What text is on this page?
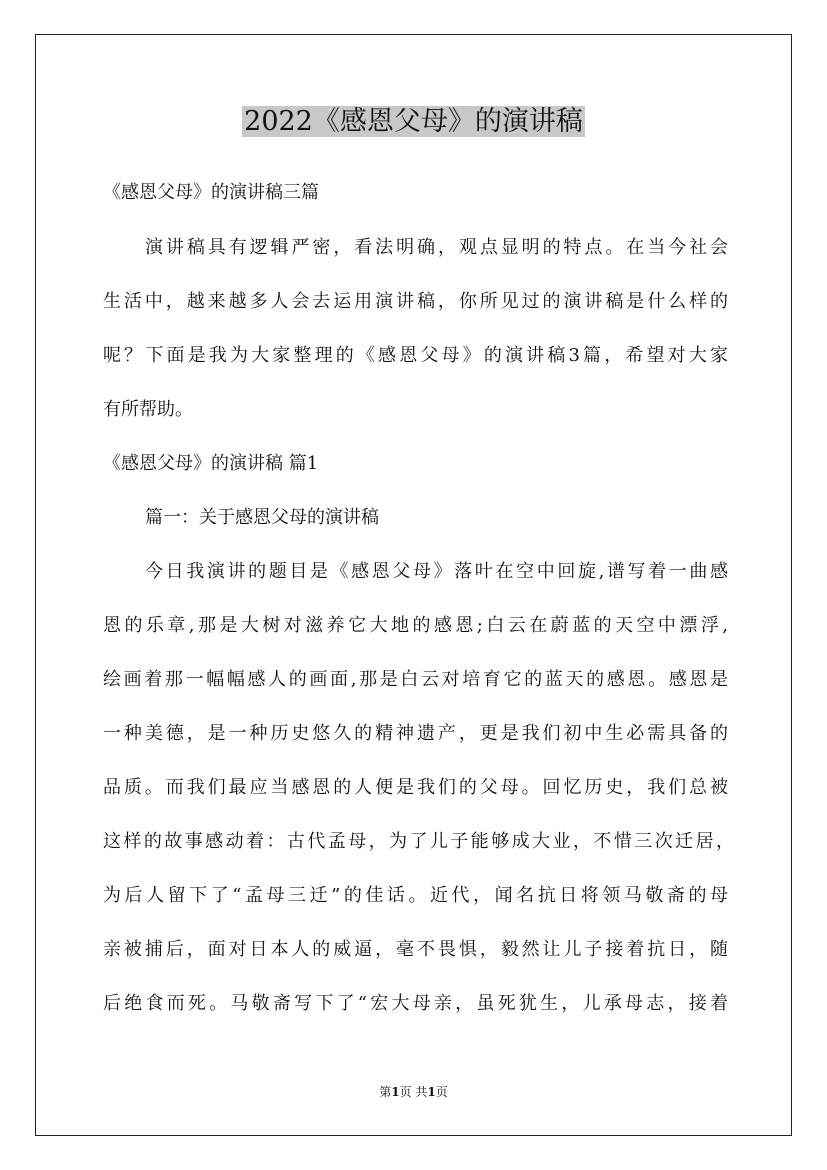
2022《感恩父母》的演讲稿
《感恩父母》的演讲稿三篇
演讲稿具有逻辑严密，看法明确，观点显明的特点。在当今社会
生活中，越来越多人会去运用演讲稿，你所见过的演讲稿是什么样的
呢？下面是我为大家整理的《感恩父母》的演讲稿3篇，希望对大家
有所帮助。
《感恩父母》的演讲稿 篇1
篇一：关于感恩父母的演讲稿
今日我演讲的题目是《感恩父母》落叶在空中回旋,谱写着一曲感
恩的乐章,那是大树对滋养它大地的感恩;白云在蔚蓝的天空中漂浮,
绘画着那一幅幅感人的画面,那是白云对培育它的蓝天的感恩。感恩是
一种美德，是一种历史悠久的精神遗产，更是我们初中生必需具备的
品质。而我们最应当感恩的人便是我们的父母。回忆历史，我们总被
这样的故事感动着：古代孟母，为了儿子能够成大业，不惜三次迁居，
为后人留下了“孟母三迁”的佳话。近代，闻名抗日将领马敬斋的母
亲被捕后，面对日本人的威逼，毫不畏惧，毅然让儿子接着抗日，随
后绝食而死。马敬斋写下了“宏大母亲，虽死犹生，儿承母志，接着
第1页 共1页
